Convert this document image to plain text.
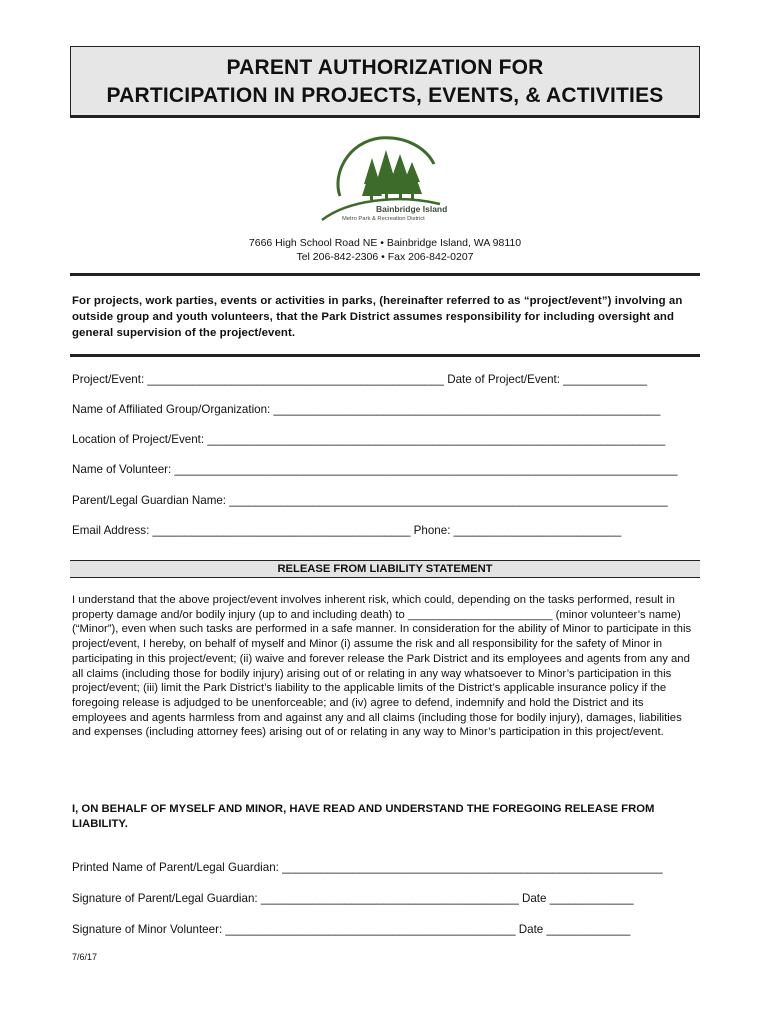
PARENT AUTHORIZATION FOR
PARTICIPATION IN PROJECTS, EVENTS, & ACTIVITIES
Bainbridge Island
Metro Park & Recreation District
7666 High School Road NE • Bainbridge Island, WA 98110
Tel 206-842-2306 • Fax 206-842-0207
For projects, work parties, events or activities in parks, (hereinafter referred to as “project/event”) involving an outside group and youth volunteers, that the Park District assumes responsibility for including oversight and general supervision of the project/event.
Project/Event: ______________________________________________ Date of Project/Event: _____________
Name of Affiliated Group/Organization: ____________________________________________________________
Location of Project/Event: _______________________________________________________________________
Name of Volunteer: ______________________________________________________________________________
Parent/Legal Guardian Name: ____________________________________________________________________
Email Address: ________________________________________ Phone: __________________________
RELEASE FROM LIABILITY STATEMENT
I understand that the above project/event involves inherent risk, which could, depending on the tasks performed, result in property damage and/or bodily injury (up to and including death) to _______________________ (minor volunteer’s name) (“Minor”), even when such tasks are performed in a safe manner. In consideration for the ability of Minor to participate in this project/event, I hereby, on behalf of myself and Minor (i) assume the risk and all responsibility for the safety of Minor in participating in this project/event; (ii) waive and forever release the Park District and its employees and agents from any and all claims (including those for bodily injury) arising out of or relating in any way whatsoever to Minor’s participation in this project/event; (iii) limit the Park District’s liability to the applicable limits of the District’s applicable insurance policy if the foregoing release is adjudged to be unenforceable; and (iv) agree to defend, indemnify and hold the District and its employees and agents harmless from and against any and all claims (including those for bodily injury), damages, liabilities and expenses (including attorney fees) arising out of or relating in any way to Minor’s participation in this project/event.
I, ON BEHALF OF MYSELF AND MINOR, HAVE READ AND UNDERSTAND THE FOREGOING RELEASE FROM LIABILITY.
Printed Name of Parent/Legal Guardian: ___________________________________________________________
Signature of Parent/Legal Guardian: ________________________________________ Date _____________
Signature of Minor Volunteer: _____________________________________________ Date _____________
7/6/17
